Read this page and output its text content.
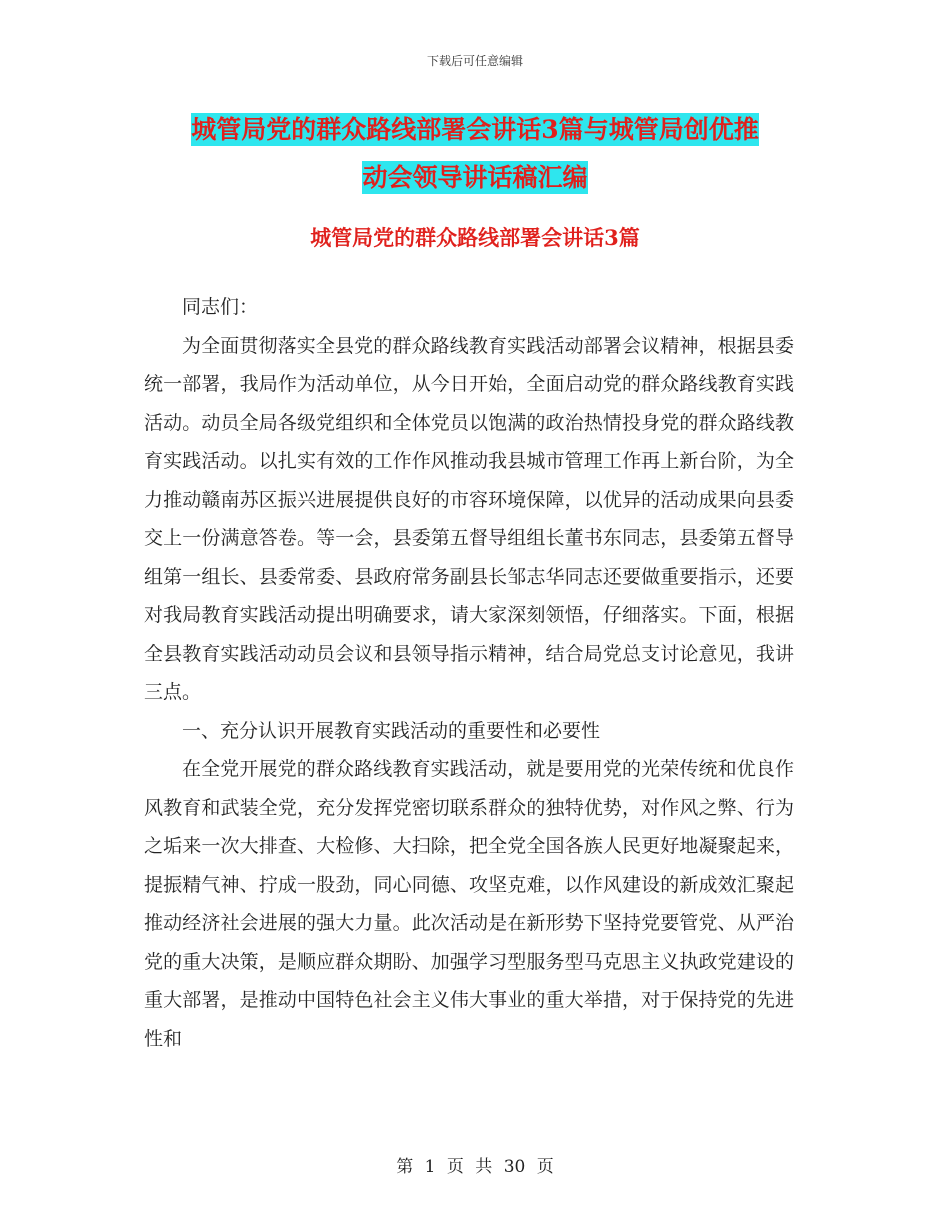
下载后可任意编辑
城管局党的群众路线部署会讲话3篇与城管局创优推
动会领导讲话稿汇编
城管局党的群众路线部署会讲话3篇

同志们：

为全面贯彻落实全县党的群众路线教育实践活动部署会议精神，根据县委统一部署，我局作为活动单位，从今日开始，全面启动党的群众路线教育实践活动。动员全局各级党组织和全体党员以饱满的政治热情投身党的群众路线教育实践活动。以扎实有效的工作作风推动我县城市管理工作再上新台阶，为全力推动赣南苏区振兴进展提供良好的市容环境保障，以优异的活动成果向县委交上一份满意答卷。等一会，县委第五督导组组长董书东同志，县委第五督导组第一组长、县委常委、县政府常务副县长邹志华同志还要做重要指示，还要对我局教育实践活动提出明确要求，请大家深刻领悟，仔细落实。下面，根据全县教育实践活动动员会议和县领导指示精神，结合局党总支讨论意见，我讲三点。

一、充分认识开展教育实践活动的重要性和必要性

在全党开展党的群众路线教育实践活动，就是要用党的光荣传统和优良作风教育和武装全党，充分发挥党密切联系群众的独特优势，对作风之弊、行为之垢来一次大排查、大检修、大扫除，把全党全国各族人民更好地凝聚起来，提振精气神、拧成一股劲，同心同德、攻坚克难，以作风建设的新成效汇聚起推动经济社会进展的强大力量。此次活动是在新形势下坚持党要管党、从严治党的重大决策，是顺应群众期盼、加强学习型服务型马克思主义执政党建设的重大部署，是推动中国特色社会主义伟大事业的重大举措，对于保持党的先进性和

第 1 页 共 30 页
